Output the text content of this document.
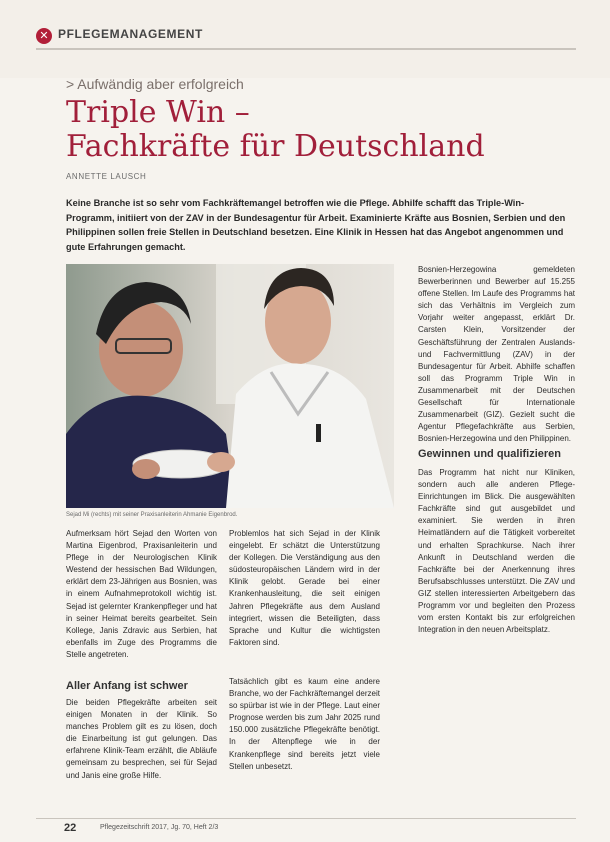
✕ PFLEGEMANAGEMENT
> Aufwändig aber erfolgreich
Triple Win –
Fachkräfte für Deutschland
ANNETTE LAUSCH
Keine Branche ist so sehr vom Fachkräftemangel betroffen wie die Pflege. Abhilfe schafft das Triple-Win-Programm, initiiert von der ZAV in der Bundesagentur für Arbeit. Examinierte Kräfte aus Bosnien, Serbien und den Philippinen sollen freie Stellen in Deutschland besetzen. Eine Klinik in Hessen hat das Angebot angenommen und gute Erfahrungen gemacht.
Sejad Mi (rechts) mit seiner Praxisanleiterin Ahmanie Eigenbrod.
Aufmerksam hört Sejad den Worten von Martina Eigenbrod, Praxisanleiterin und Pflege in der Neurologischen Klinik Westend der hessischen Bad Wildungen, erklärt dem 23-Jährigen aus Bosnien, was in einem Aufnahmeprotokoll wichtig ist. Sejad ist gelernter Krankenpfleger und hat in seiner Heimat bereits gearbeitet. Sein Kollege, Janis Zdravic aus Serbien, hat ebenfalls im Zuge des Programms die Stelle angetreten.
Aller Anfang ist schwer
Die beiden Pflegekräfte arbeiten seit einigen Monaten in der Klinik. So manches Problem gilt es zu lösen, doch die Einarbeitung ist gut gelungen. Das erfahrene Klinik-Team erzählt, die Abläufe gemeinsam zu besprechen, sei für Sejad und Janis eine große Hilfe.
Problemlos hat sich Sejad in der Klinik eingelebt. Er schätzt die Unterstützung der Kollegen. Die Verständigung aus den südosteuropäischen Ländern wird in der Klinik gelobt. Gerade bei einer Krankenhausleitung, die seit einigen Jahren Pflegekräfte aus dem Ausland integriert, wissen die Beteiligten, dass Sprache und Kultur die wichtigsten Faktoren sind.
Tatsächlich gibt es kaum eine andere Branche, wo der Fachkräftemangel derzeit so spürbar ist wie in der Pflege. Laut einer Prognose werden bis zum Jahr 2025 rund 150.000 zusätzliche Pflegekräfte benötigt. In der Altenpflege wie in der Krankenpflege sind bereits jetzt viele Stellen unbesetzt.
Bosnien-Herzegowina gemeldeten Bewerberinnen und Bewerber auf 15.255 offene Stellen. Im Laufe des Programms hat sich das Verhältnis im Vergleich zum Vorjahr weiter angepasst, erklärt Dr. Carsten Klein, Vorsitzender der Geschäftsführung der Zentralen Auslands- und Fachvermittlung (ZAV) in der Bundesagentur für Arbeit. Abhilfe schaffen soll das Programm Triple Win in Zusammenarbeit mit der Deutschen Gesellschaft für Internationale Zusammenarbeit (GIZ). Gezielt sucht die Agentur Pflegefachkräfte aus Serbien, Bosnien-Herzegowina und den Philippinen.
Gewinnen und qualifizieren
Das Programm hat nicht nur Kliniken, sondern auch alle anderen Pflege-Einrichtungen im Blick. Die ausgewählten Fachkräfte sind gut ausgebildet und examiniert. Sie werden in ihren Heimatländern auf die Tätigkeit vorbereitet und erhalten Sprachkurse. Nach ihrer Ankunft in Deutschland werden die Fachkräfte bei der Anerkennung ihres Berufsabschlusses unterstützt. Die ZAV und GIZ stellen interessierten Arbeitgebern das Programm vor und begleiten den Prozess vom ersten Kontakt bis zur erfolgreichen Integration in den neuen Arbeitsplatz.
22	Pflegezeitschrift 2017, Jg. 70, Heft 2/3
